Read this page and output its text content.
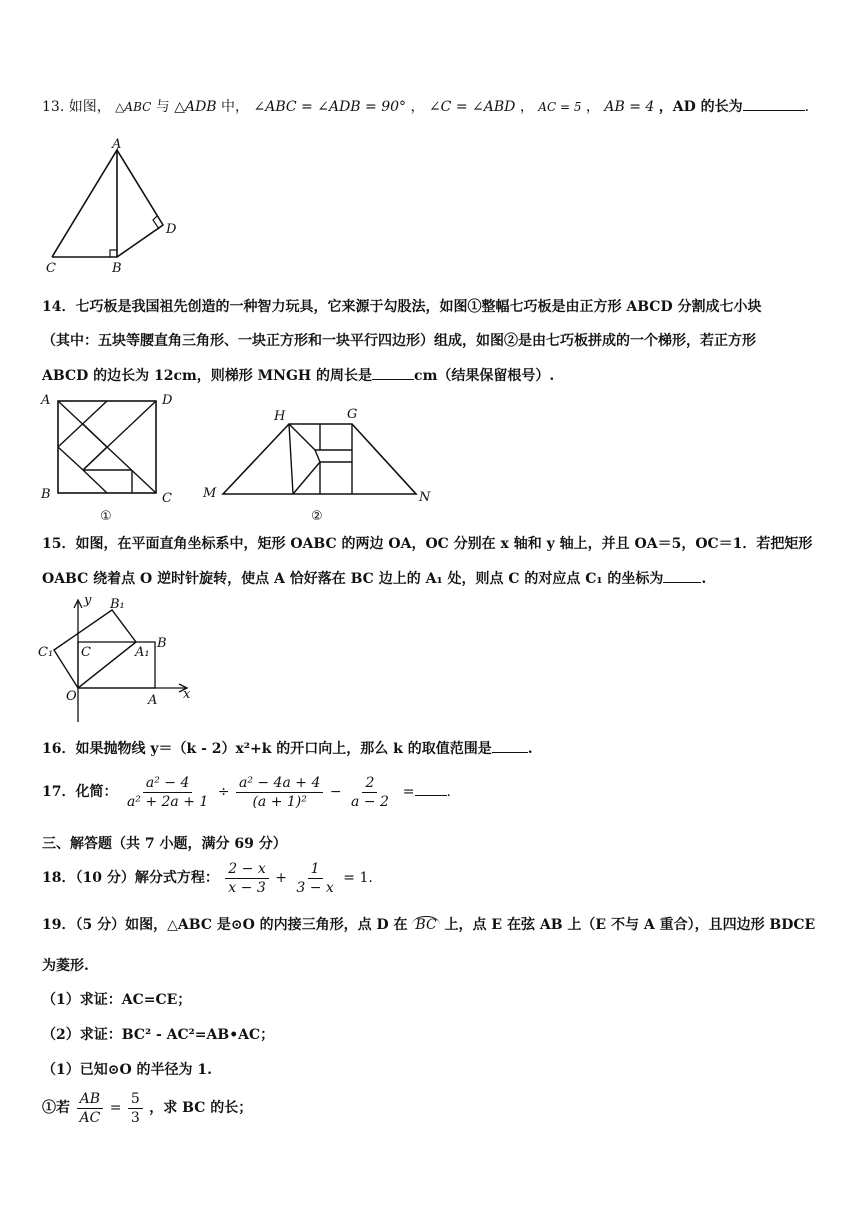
13. 如图， △ABC 与 △ADB 中， ∠ABC = ∠ADB = 90° ， ∠C = ∠ABD ， AC = 5 ， AB = 4 ，AD 的长为	.
A
C	B
D
14．七巧板是我国祖先创造的一种智力玩具，它来源于勾股法，如图①整幅七巧板是由正方形 ABCD 分割成七小块
（其中：五块等腰直角三角形、一块正方形和一块平行四边形）组成，如图②是由七巧板拼成的一个梯形，若正方形
ABCD 的边长为 12cm，则梯形 MNGH 的周长是	cm（结果保留根号）.
A	D
B	C
①
H	G
M	N
②
15．如图，在平面直角坐标系中，矩形 OABC 的两边 OA，OC 分别在 x 轴和 y 轴上，并且 OA＝5，OC＝1．若把矩形
OABC 绕着点 O 逆时针旋转，使点 A 恰好落在 BC 边上的 A₁ 处，则点 C 的对应点 C₁ 的坐标为	.
y
x
B₁
B
C₁ C	A₁
O	A
16．如果抛物线 y＝（k - 2）x²+k 的开口向上，那么 k 的取值范围是	.
17．化简： $\frac{\text{a² − 4}}{\text{a² + 2a + 1}} \div \frac{\text{a² − 4a + 4}}{\text{(a + 1)²}} - \frac{2}{a - 2}$ = .
三、解答题（共 7 小题，满分 69 分）
18．（10 分）解分式方程： $\frac{2 - x}{x - 3} + \frac{1}{3 - x} = 1$.
19．（5 分）如图，△ABC 是⊙O 的内接三角形，点 D 在 BC 上，点 E 在弦 AB 上（E 不与 A 重合），且四边形 BDCE
为菱形.
（1）求证：AC=CE；
（2）求证：BC² - AC²=AB•AC；
（1）已知⊙O 的半径为 1.
①若 $\frac{AB}{AC} = \frac{5}{3}$ ，求 BC 的长；
